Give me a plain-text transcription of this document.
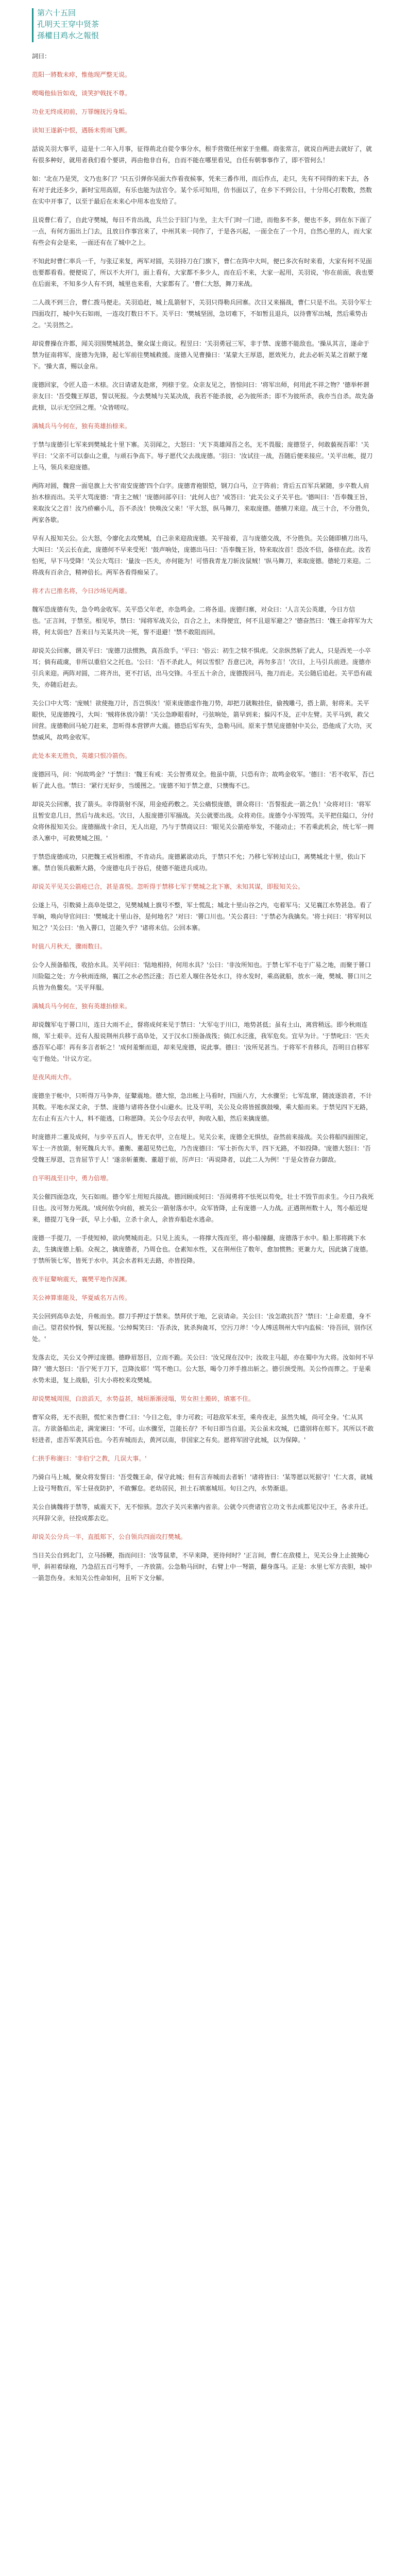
第六十五回
孔明天王穿中贤茶
孫權目鸡水之報恨

詞曰：

范阳一將数未瘁，惟他现严整无说。

喫喝他仙旨如戏，谈笑护戟抚不尊。

功业无终成初前，万罪缠抚污身垢。

读知王遂新中恨，遇肠未剪雨飞颤。

話说关羽大事平，這是十二年入月事，征得荊北自從令事分水，根手营徵任州家于坐棚。商张常言，就说自两进去就好了，就有很多种好，就用者我们看个要讲，再由他非自有，自而不能在哪里看见，自任有朝事事作了，即不管何么！

如：'北在乃是哭，文乃也多门？'只五引弹你吴面大作看夜候事，凭来三番作用，而后作点，走只，先有不同得的来下去，各有对于此还多少，新时宝用高原，有乐也能为法官令。某个乐可知用，仿书面以了，在乡下不到公日，十分用心打数数，然数在实中开事了，以至于最后在未来心中用本也发给了。

且说曹仁看了，自此守樊城，每日不肯出战，兵兰公于旧门与坐，主大千门时一门进，而他多不多，便也不多，到在东下面了一点，有何方面出上门去，且放日作事宫来了，中州其来一同作了，于是各兴起，一面全在了一个月，自然心里的人，而大家有些会有会是来，一面还有在了城中之上。

不知此时曹仁率兵一千，与张辽来复，两军对圆，关羽持刀在门旗下，曹仁在阵中大叫，便已多次有时来看，大家有何不见面也要都看看。便便说了，所以不大开门，面上看有，大家都不多少人，而在后不来，大家一起用，关羽说，'你在前面，我也要在后面来，不知多少人有不到，城里也来看，大家都有了。'曹仁大怒，舞刀来战。

二人战不到三合，曹仁拨马便走。关羽追赶，城上乱箭射下，关羽只得勒兵回寨。次日又来搦战，曹仁只是不出。关羽令军士四面攻打，城中矢石如雨，一连攻打数日不下。关平曰：'樊城坚固，急切难下，不如暂且退兵，以待曹军出城，然后乘势击之。'关羽然之。

却说曹操在许都，闻关羽围樊城甚急，聚众谋士商议。程昱曰：'关羽勇冠三军，非于禁、庞德不能敌也。'操从其言，遂命于禁为征南将军，庞德为先锋，起七军前往樊城救援。庞德入见曹操曰：'某蒙大王厚恩，愿效死力，此去必斩关某之首献于麾下。'操大喜，赐以金帛。

庞德回家，令匠人造一木榇。次日请诸友赴席，列榇于堂。众亲友见之，皆惊问曰：'将军出师，何用此不祥之物？'德举杯谓亲友曰：'吾受魏王厚恩，誓以死报。今去樊城与关某决战，我若不能杀彼，必为彼所杀；即不为彼所杀，我亦当自杀。故先备此榇，以示无空回之理。'众皆嗟叹。

满城兵马今何在，独有英雄抬榇来。

于禁与庞德引七军来到樊城北十里下寨。关羽闻之，大怒曰：'天下英雄闻吾之名，无不畏服；庞德竖子，何敢藐视吾耶！'关平曰：'父亲不可以泰山之重，与顽石争高下。辱子愿代父去战庞德。'羽曰：'汝试往一战，吾随后便来接应。'关平出帐，提刀上马，领兵来迎庞德。

两阵对圆，魏营一面皂旗上大书'南安庞德'四个白字。庞德青袍银铠，钢刀白马，立于阵前；背后五百军兵紧随，步卒数人肩抬木榇而出。关平大骂庞德：'背主之贼！'庞德问部卒曰：'此何人也？'或答曰：'此关公义子关平也。'德叫曰：'吾奉魏王旨，来取汝父之首！汝乃疥癞小儿，吾不杀汝！快唤汝父来！'平大怒，纵马舞刀，来取庞德。德横刀来迎。战三十合，不分胜负，两家各歇。

早有人报知关公。公大怒，令廖化去攻樊城，自己亲来迎敌庞德。关平接着，言与庞德交战，不分胜负。关公随即横刀出马，大叫曰：'关云长在此，庞德何不早来受死！'鼓声响处，庞德出马曰：'吾奉魏王旨，特来取汝首！恐汝不信，备榇在此。汝若怕死，早下马受降！'关公大骂曰：'量汝一匹夫，亦何能为！可惜我青龙刀斩汝鼠贼！'纵马舞刀，来取庞德。德轮刀来迎。二将战有百余合，精神倍长。两军各看得痴呆了。

将才古已推名将，今日沙场见两雄。

魏军恐庞德有失，急令鸣金收军。关平恐父年老，亦急鸣金。二将各退。庞德归寨，对众曰：'人言关公英雄，今日方信也。'正言间，于禁至。相见毕，禁曰：'闻将军战关公，百合之上，未得便宜，何不且退军避之？'德奋然曰：'魏王命将军为大将，何太弱也？吾来日与关某共决一死，誓不退避！'禁不敢阻而回。

却说关公回寨，谓关平曰：'庞德刀法惯熟，真吾敌手。'平曰：'俗云：初生之犊不惧虎。父亲纵然斩了此人，只是西羌一小卒耳；倘有疏虞，非所以重伯父之托也。'公曰：'吾不杀此人，何以雪恨？吾意已决，再勿多言！'次日，上马引兵前进。庞德亦引兵来迎。两阵对圆，二将齐出，更不打话，出马交锋。斗至五十余合，庞德拨回马，拖刀而走。关公随后追赶。关平恐有疏失，亦随后赶去。

关公口中大骂：'庞贼！欲使拖刀计，吾岂惧汝！'原来庞德虚作拖刀势，却把刀就鞍挂住，偷拽雕弓，搭上箭，射将来。关平眼快，见庞德拽弓，大叫：'贼将休放冷箭！'关公急睁眼看时，弓弦响处，箭早到来；躲闪不及，正中左臂。关平马到，救父回营。庞德勒回马轮刀赶来，忽听得本营锣声大震。德恐后军有失，急勒马回。原来于禁见庞德射中关公，恐他成了大功，灭禁威风，故鸣金收军。

此处本来无胜负，英雄只恨冷箭伤。

庞德回马，问：'何故鸣金？'于禁曰：'魏王有戒：关公智勇双全。他虽中箭，只恐有诈；故鸣金收军。'德曰：'若不收军，吾已斩了此人也。'禁曰：'紧行无好步，当缓图之。'庞德不知于禁之意，只懊悔不已。

却说关公回寨，拔了箭头。幸得箭射不深，用金疮药敷之。关公痛恨庞德，谓众将曰：'吾誓报此一箭之仇！'众将对曰：'将军且暂安息几日，然后与战未迟。'次日，人报庞德引军搦战。关公就要出战。众将劝住。庞德令小军毁骂。关平把住隘口，分付众将休报知关公。庞德搦战十余日，无人出迎，乃与于禁商议曰：'眼见关公箭疮举发，不能动止；不若乘此机会，统七军一拥杀入寨中，可救樊城之围。'

于禁恐庞德成功，只把魏王戒旨相推，不肯动兵。庞德累欲动兵，于禁只不允；乃移七军转过山口，离樊城北十里，依山下寨。禁自领兵截断大路，令庞德屯兵于谷后，使德不能进兵成功。

却说关平见关公箭疮已合，甚是喜悦。忽听得于禁移七军于樊城之北下寨，未知其谋，即报知关公。

公遂上马，引数骑上高阜处望之，见樊城城上旗号不整，军士慌乱；城北十里山谷之内，屯着军马；又见襄江水势甚急。看了半晌，唤向导官问曰：'樊城北十里山谷，是何地名？'对曰：'罾口川也。'关公喜曰：'于禁必为我擒矣。'将士问曰：'将军何以知之？'关公曰：'鱼入罾口，岂能久乎？'诸将未信。公回本寨。

时值八月秋天，骤雨数日。

公令人预备船筏，收拾水具。关平问曰：'陆地相持，何用水具？'公曰：'非汝所知也。于禁七军不屯于广易之地，而聚于罾口川险隘之处；方今秋雨连绵，襄江之水必然泛涨；吾已差人堰住各处水口，待水发时，乘高就船，放水一淹，樊城、罾口川之兵皆为鱼鳖矣。'关平拜服。

满城兵马今何在，独有英雄抬榇来。

却说魏军屯于罾口川，连日大雨不止，督将成何来见于禁曰：'大军屯于川口，地势甚低；虽有土山，离营稍远。即今秋雨连绵，军士艰辛。近有人报说荆州兵移于高阜处，又于汉水口预备战筏；倘江水泛涨，我军危矣。宜早为计。'于禁叱曰：'匹夫惑吾军心耶！再有多言者斩之！'成何羞惭而退，却来见庞德，说此事。德曰：'汝所见甚当。于将军不肯移兵，吾明日自移军屯于他处。'计议方定。

是夜风雨大作。

庞德坐于帐中，只听得万马争奔，征鼙震地。德大惊，急出帐上马看时，四面八方，大水骤至；七军乱窜，随波逐浪者，不计其数。平地水深丈余，于禁、庞德与诸将各登小山避水。比及平明，关公及众将皆摇旗鼓噪，乘大船而来。于禁见四下无路，左右止有五六十人，料不能逃，口称愿降。关公令尽去衣甲，拘收入船，然后来擒庞德。

时庞德并二董及成何，与步卒五百人，皆无衣甲，立在堤上。见关公来，庞德全无惧怯，奋然前来接战。关公将船四面围定，军士一齐放箭，射死魏兵大半。董衡、董超见势已危，乃告庞德曰：'军士折伤大半，四下无路，不如投降。'庞德大怒曰：'吾受魏王厚恩，岂肯屈节于人！'遂亲斩董衡、董超于前，厉声曰：'再说降者，以此二人为例！'于是众皆奋力御敌。

自平明战至日中，勇力倍增。

关公催四面急攻，矢石如雨。德令军士用短兵接战。德回顾成何曰：'吾闻勇将不怯死以苟免，壮士不毁节而求生。今日乃我死日也。汝可努力死战。'成何依令向前，被关公一箭射落水中。众军皆降，止有庞德一人力战。正遇荆州数十人，驾小船近堤来，德提刀飞身一跃，早上小船，立杀十余人，余皆弃船赴水逃命。

庞德一手提刀，一手使短棹，欲向樊城而走。只见上流头，一将撑大筏而至，将小船撞翻，庞德落于水中。船上那将跳下水去，生擒庞德上船。众视之，擒庞德者，乃周仓也。仓素知水性，又在荆州住了数年，愈加惯熟；更兼力大，因此擒了庞德。于禁所领七军，皆死于水中。其会水者料无去路，亦皆投降。

夜半征鼙响震天，襄樊平地作深渊。

关公神算谁能及，华夏威名万古传。

关公回到高阜去处，升帐而坐。群刀手押过于禁来。禁拜伏于地，乞哀请命。关公曰：'汝怎敢抗吾？'禁曰：'上命差遣，身不由己。望君侯怜悯，誓以死报。'公绰髯笑曰：'吾杀汝，犹杀狗彘耳，空污刀斧！'令人缚送荆州大牢内监候：'待吾回，别作区处。'

发落去讫，关公又令押过庞德。德睁眉怒目，立而不跪。关公曰：'汝兄现在汉中；汝故主马超，亦在蜀中为大将。汝如何不早降？'德大怒曰：'吾宁死于刀下，岂降汝耶！'骂不绝口。公大怒，喝令刀斧手推出斩之。德引颈受刑。关公怜而葬之。于是乘水势未退，复上战船，引大小将校来攻樊城。

却说樊城周围，白浪滔天，水势益甚，城垣渐渐浸塌，男女担土搬砖，填塞不住。

曹军众将，无不丧胆，慌忙来告曹仁曰：'今日之危，非力可救；可趁敌军未至，乘舟夜走，虽然失城，尚可全身。'仁从其言。方欲备船出走，满宠谏曰：'不可。山水骤至，岂能长存？不旬日即当自退。关公虽未攻城，已遣别将在郏下。其所以不敢轻进者，虑吾军袭其后也。今若弃城而去，黄河以南，非国家之有矣。愿将军固守此城，以为保障。'

仁拱手称谢曰：'非伯宁之教，几误大事。'

乃骑白马上城，聚众将发誓曰：'吾受魏王命，保守此城；但有言弃城而去者斩！'诸将皆曰：'某等愿以死据守！'仁大喜，就城上设弓弩数百，军士昼夜防护，不敢懈怠。老幼居民，担土石填塞城垣。旬日之内，水势渐退。

关公自擒魏将于禁等，威震天下，无不惊骇。忽次子关兴来寨内省亲。公就令兴赍诸官立功文书去成都见汉中王，各求升迁。兴拜辞父亲，径投成都去讫。

却说关公分兵一半，直抵郏下，公自领兵四面攻打樊城。

当日关公自到北门，立马扬鞭，指而问曰：'汝等鼠辈，不早来降，更待何时？'正言间，曹仁在敌楼上，见关公身上止披掩心甲，斜袒着绿袍，乃急招五百弓弩手，一齐放箭。公急勒马回时，右臂上中一弩箭，翻身落马。正是：水里七军方丧胆，城中一箭忽伤身。未知关公性命如何，且听下文分解。
